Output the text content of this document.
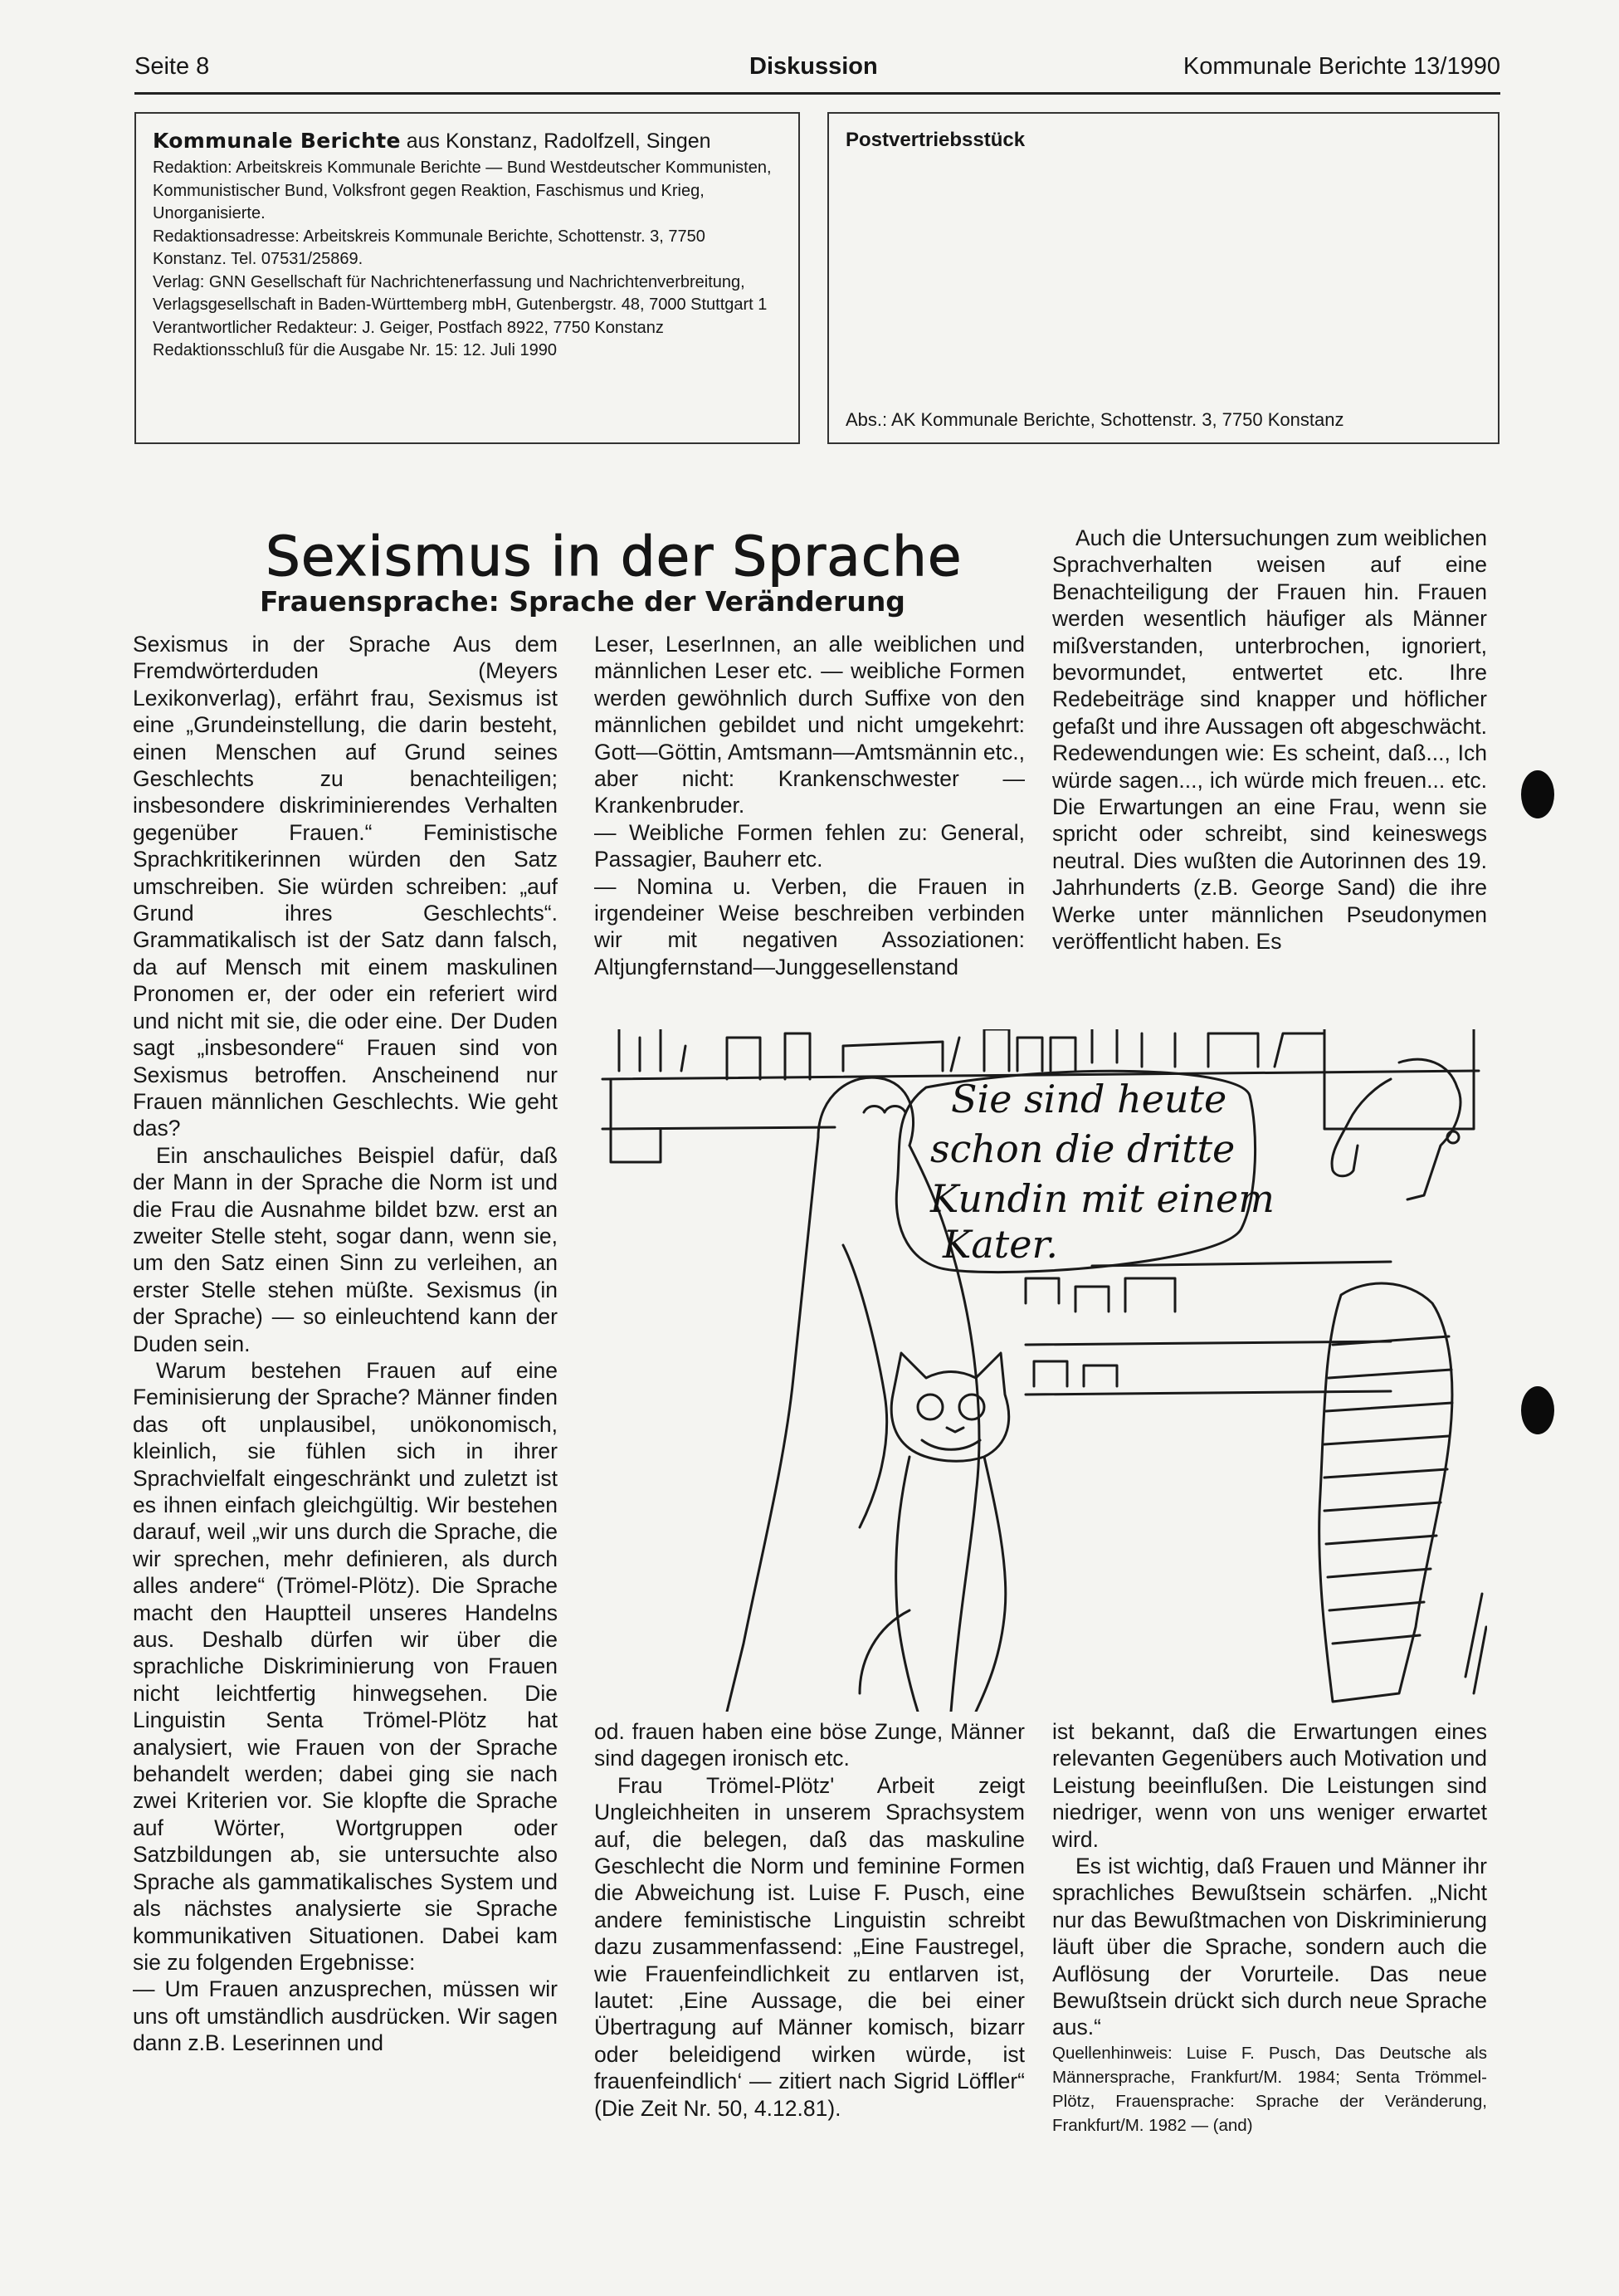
Seite 8	Diskussion	Kommunale Berichte 13/1990

Kommunale Berichte aus Konstanz, Radolfzell, Singen

Redaktion: Arbeitskreis Kommunale Berichte — Bund Westdeutscher Kommunisten, Kommunistischer Bund, Volksfront gegen Reaktion, Faschismus und Krieg, Unorganisierte.

Redaktionsadresse: Arbeitskreis Kommunale Berichte, Schottenstr. 3, 7750 Konstanz. Tel. 07531/25869.

Verlag: GNN Gesellschaft für Nachrichtenerfassung und Nachrichtenverbreitung, Verlagsgesellschaft in Baden-Württemberg mbH, Gutenbergstr. 48, 7000 Stuttgart 1

Verantwortlicher Redakteur: J. Geiger, Postfach 8922, 7750 Konstanz

Redaktionsschluß für die Ausgabe Nr. 15: 12. Juli 1990

Postvertriebsstück

Abs.: AK Kommunale Berichte, Schottenstr. 3, 7750 Konstanz
Sexismus in der Sprache
Frauensprache: Sprache der Veränderung

Sexismus in der Sprache Aus dem Fremdwörterduden (Meyers Lexikonverlag), erfährt frau, Sexismus ist eine „Grundeinstellung, die darin besteht, einen Menschen auf Grund seines Geschlechts zu benachteiligen; insbesondere diskriminierendes Verhalten gegenüber Frauen.“ Feministische Sprachkritikerinnen würden den Satz umschreiben. Sie würden schreiben: „auf Grund ihres Geschlechts“. Grammatikalisch ist der Satz dann falsch, da auf Mensch mit einem maskulinen Pronomen er, der oder ein referiert wird und nicht mit sie, die oder eine. Der Duden sagt „insbesondere“ Frauen sind von Sexismus betroffen. Anscheinend nur Frauen männlichen Geschlechts. Wie geht das?

Ein anschauliches Beispiel dafür, daß der Mann in der Sprache die Norm ist und die Frau die Ausnahme bildet bzw. erst an zweiter Stelle steht, sogar dann, wenn sie, um den Satz einen Sinn zu verleihen, an erster Stelle stehen müßte. Sexismus (in der Sprache) — so einleuchtend kann der Duden sein.

Warum bestehen Frauen auf eine Feminisierung der Sprache? Männer finden das oft unplausibel, unökonomisch, kleinlich, sie fühlen sich in ihrer Sprachvielfalt eingeschränkt und zuletzt ist es ihnen einfach gleichgültig. Wir bestehen darauf, weil „wir uns durch die Sprache, die wir sprechen, mehr definieren, als durch alles andere“ (Trömel-Plötz). Die Sprache macht den Hauptteil unseres Handelns aus. Deshalb dürfen wir über die sprachliche Diskriminierung von Frauen nicht leichtfertig hinwegsehen. Die Linguistin Senta Trömel-Plötz hat analysiert, wie Frauen von der Sprache behandelt werden; dabei ging sie nach zwei Kriterien vor. Sie klopfte die Sprache auf Wörter, Wortgruppen oder Satzbildungen ab, sie untersuchte also Sprache als gammatikalisches System und als nächstes analysierte sie Sprache kommunikativen Situationen. Dabei kam sie zu folgenden Ergebnisse:

— Um Frauen anzusprechen, müssen wir uns oft umständlich ausdrücken. Wir sagen dann z.B. Leserinnen und

Leser, LeserInnen, an alle weiblichen und männlichen Leser etc. — weibliche Formen werden gewöhnlich durch Suffixe von den männlichen gebildet und nicht umgekehrt: Gott—Göttin, Amtsmann—Amtsmännin etc., aber nicht: Krankenschwester —Krankenbruder.

— Weibliche Formen fehlen zu: General, Passagier, Bauherr etc.

— Nomina u. Verben, die Frauen in irgendeiner Weise beschreiben verbinden wir mit negativen Assoziationen: Altjungfernstand—Junggesellenstand

Auch die Untersuchungen zum weiblichen Sprachverhalten weisen auf eine Benachteiligung der Frauen hin. Frauen werden wesentlich häufiger als Männer mißverstanden, unterbrochen, ignoriert, bevormundet, entwertet etc. Ihre Redebeiträge sind knapper und höflicher gefaßt und ihre Aussagen oft abgeschwächt. Redewendungen wie: Es scheint, daß..., Ich würde sagen..., ich würde mich freuen... etc. Die Erwartungen an eine Frau, wenn sie spricht oder schreibt, sind keineswegs neutral. Dies wußten die Autorinnen des 19. Jahrhunderts (z.B. George Sand) die ihre Werke unter männlichen Pseudonymen veröffentlicht haben. Es

Sie sind heute
schon die dritte
Kundin mit einem
Kater.

od. frauen haben eine böse Zunge, Männer sind dagegen ironisch etc.

Frau Trömel-Plötz' Arbeit zeigt Ungleichheiten in unserem Sprachsystem auf, die belegen, daß das maskuline Geschlecht die Norm und feminine Formen die Abweichung ist. Luise F. Pusch, eine andere feministische Linguistin schreibt dazu zusammenfassend: „Eine Faustregel, wie Frauenfeindlichkeit zu entlarven ist, lautet: ‚Eine Aussage, die bei einer Übertragung auf Männer komisch, bizarr oder beleidigend wirken würde, ist frauenfeindlich‘ — zitiert nach Sigrid Löffler“ (Die Zeit Nr. 50, 4.12.81).

ist bekannt, daß die Erwartungen eines relevanten Gegenübers auch Motivation und Leistung beeinflußen. Die Leistungen sind niedriger, wenn von uns weniger erwartet wird.

Es ist wichtig, daß Frauen und Männer ihr sprachliches Bewußtsein schärfen. „Nicht nur das Bewußtmachen von Diskriminierung läuft über die Sprache, sondern auch die Auflösung der Vorurteile. Das neue Bewußtsein drückt sich durch neue Sprache aus.“

Quellenhinweis: Luise F. Pusch, Das Deutsche als Männersprache, Frankfurt/M. 1984; Senta Trömmel-Plötz, Frauensprache: Sprache der Veränderung, Frankfurt/M. 1982 — (and)
